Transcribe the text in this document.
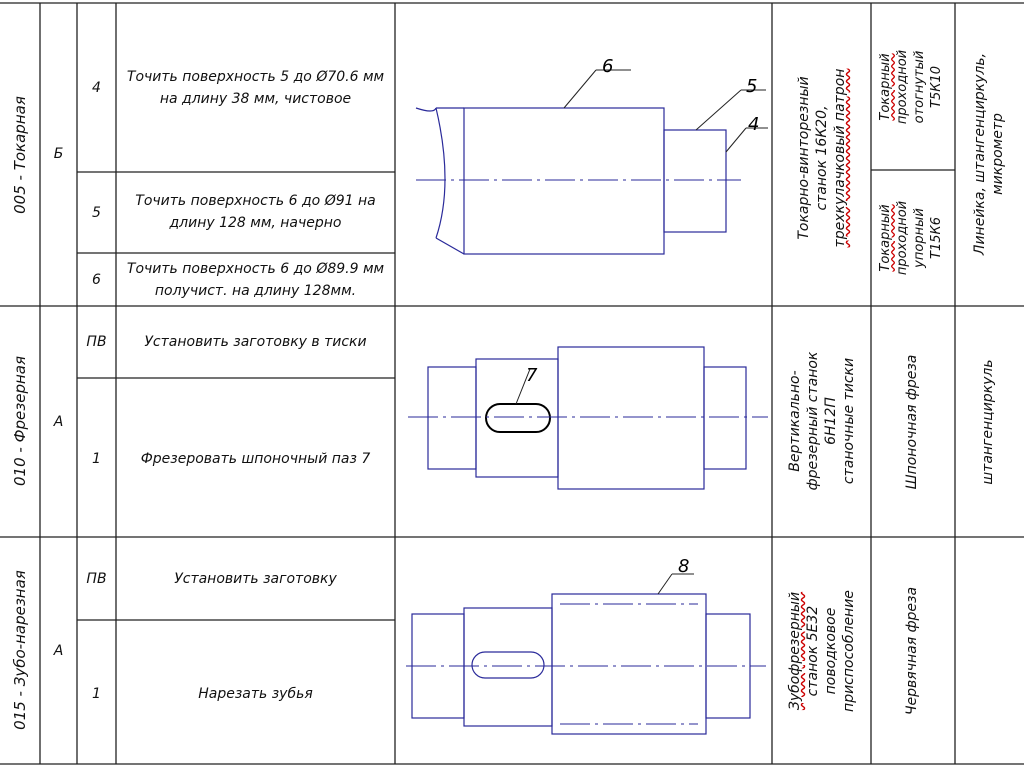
6
5
4
7
8
005 - Токарная
010 - Фрезерная
015 - Зубо-нарезная
Б
А
А
4
5
6
ПВ
1
ПВ
1
Точить поверхность 5 до Ø70.6 мм
на длину 38 мм, чистовое
Точить поверхность 6 до Ø91 на
длину 128 мм, начерно
Точить поверхность 6 до Ø89.9 мм
получист. на длину 128мм.
Установить заготовку в тиски
Фрезеровать шпоночный паз 7
Установить заготовку
Нарезать зубья
Токарно-винторезный станок 16К20, трехкулачковый патрон
Вертикально- фрезерный станок 6Н12П станочные тиски
Зубофрезерный станок 5Е32 поводковое приспособление
Токарный проходной отогнутый Т5К10
Токарный проходной упорный Т15К6
Шпоночная фреза
Червячная фреза
Линейка, штангенциркуль, микрометр
штангенциркуль
